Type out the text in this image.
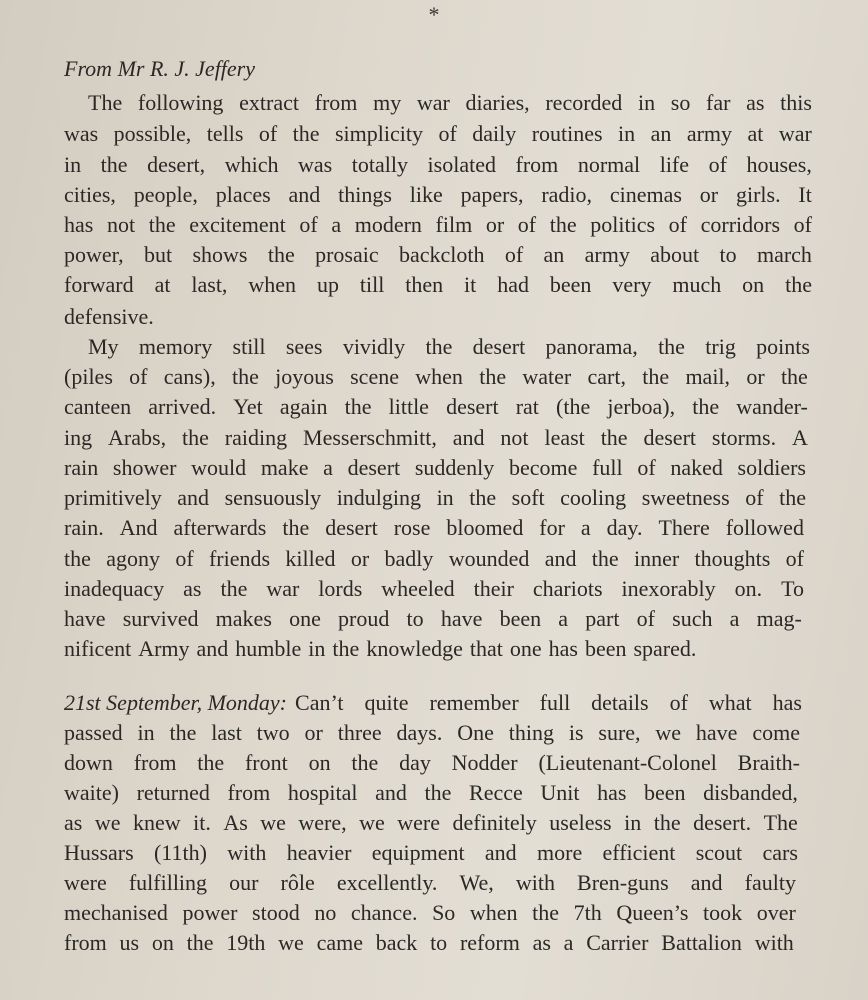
*
From Mr R. J. Jeffery
The following extract from my war diaries, recorded in so far as this
was possible, tells of the simplicity of daily routines in an army at war
in the desert, which was totally isolated from normal life of houses,
cities, people, places and things like papers, radio, cinemas or girls. It
has not the excitement of a modern film or of the politics of corridors of
power, but shows the prosaic backcloth of an army about to march
forward at last, when up till then it had been very much on the
defensive.
My memory still sees vividly the desert panorama, the trig points
(piles of cans), the joyous scene when the water cart, the mail, or the
canteen arrived. Yet again the little desert rat (the jerboa), the wander-
ing Arabs, the raiding Messerschmitt, and not least the desert storms. A
rain shower would make a desert suddenly become full of naked soldiers
primitively and sensuously indulging in the soft cooling sweetness of the
rain. And afterwards the desert rose bloomed for a day. There followed
the agony of friends killed or badly wounded and the inner thoughts of
inadequacy as the war lords wheeled their chariots inexorably on. To
have survived makes one proud to have been a part of such a mag-
nificent Army and humble in the knowledge that one has been spared.
21st September, Monday: Can’t quite remember full details of what has
passed in the last two or three days. One thing is sure, we have come
down from the front on the day Nodder (Lieutenant-Colonel Braith-
waite) returned from hospital and the Recce Unit has been disbanded,
as we knew it. As we were, we were definitely useless in the desert. The
Hussars (11th) with heavier equipment and more efficient scout cars
were fulfilling our rôle excellently. We, with Bren-guns and faulty
mechanised power stood no chance. So when the 7th Queen’s took over
from us on the 19th we came back to reform as a Carrier Battalion with
